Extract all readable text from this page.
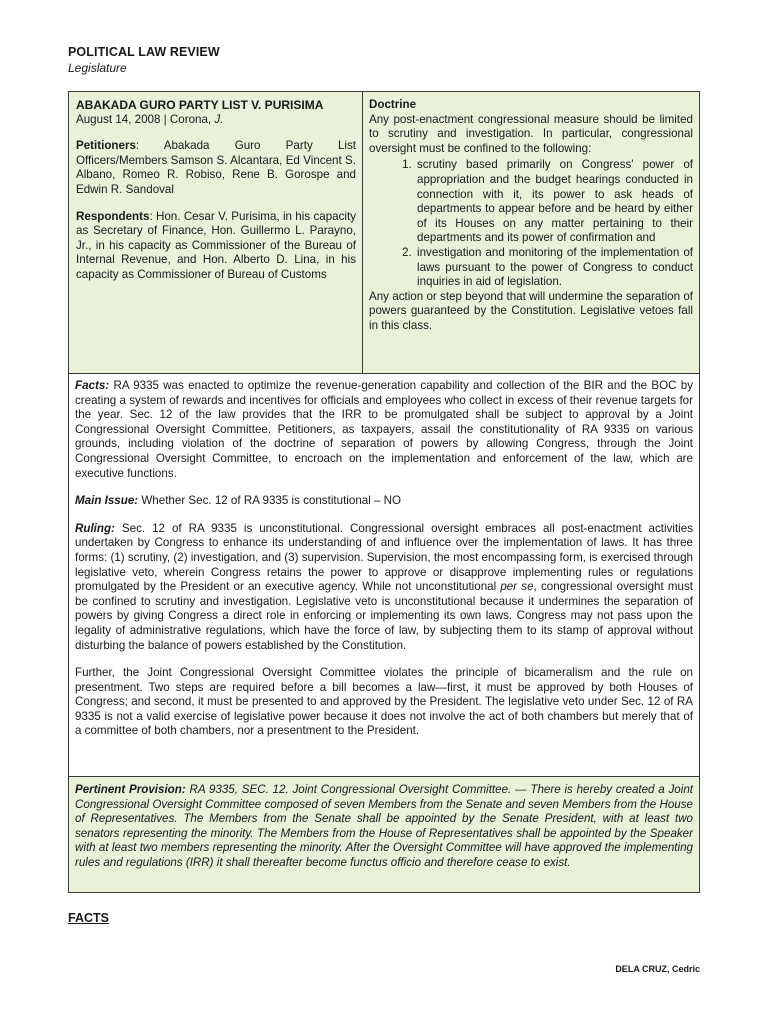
POLITICAL LAW REVIEW
Legislature
ABAKADA GURO PARTY LIST V. PURISIMA
August 14, 2008 | Corona, J.
Petitioners: Abakada Guro Party List Officers/Members Samson S. Alcantara, Ed Vincent S. Albano, Romeo R. Robiso, Rene B. Gorospe and Edwin R. Sandoval
Respondents: Hon. Cesar V. Purisima, in his capacity as Secretary of Finance, Hon. Guillermo L. Parayno, Jr., in his capacity as Commissioner of the Bureau of Internal Revenue, and Hon. Alberto D. Lina, in his capacity as Commissioner of Bureau of Customs
Doctrine
Any post-enactment congressional measure should be limited to scrutiny and investigation. In particular, congressional oversight must be confined to the following:
1. scrutiny based primarily on Congress' power of appropriation and the budget hearings conducted in connection with it, its power to ask heads of departments to appear before and be heard by either of its Houses on any matter pertaining to their departments and its power of confirmation and
2. investigation and monitoring of the implementation of laws pursuant to the power of Congress to conduct inquiries in aid of legislation.
Any action or step beyond that will undermine the separation of powers guaranteed by the Constitution. Legislative vetoes fall in this class.

Facts: RA 9335 was enacted to optimize the revenue-generation capability and collection of the BIR and the BOC by creating a system of rewards and incentives for officials and employees who collect in excess of their revenue targets for the year. Sec. 12 of the law provides that the IRR to be promulgated shall be subject to approval by a Joint Congressional Oversight Committee. Petitioners, as taxpayers, assail the constitutionality of RA 9335 on various grounds, including violation of the doctrine of separation of powers by allowing Congress, through the Joint Congressional Oversight Committee, to encroach on the implementation and enforcement of the law, which are executive functions.

Main Issue: Whether Sec. 12 of RA 9335 is constitutional – NO

Ruling: Sec. 12 of RA 9335 is unconstitutional. Congressional oversight embraces all post-enactment activities undertaken by Congress to enhance its understanding of and influence over the implementation of laws. It has three forms: (1) scrutiny, (2) investigation, and (3) supervision. Supervision, the most encompassing form, is exercised through legislative veto, wherein Congress retains the power to approve or disapprove implementing rules or regulations promulgated by the President or an executive agency. While not unconstitutional per se, congressional oversight must be confined to scrutiny and investigation. Legislative veto is unconstitutional because it undermines the separation of powers by giving Congress a direct role in enforcing or implementing its own laws. Congress may not pass upon the legality of administrative regulations, which have the force of law, by subjecting them to its stamp of approval without disturbing the balance of powers established by the Constitution.

Further, the Joint Congressional Oversight Committee violates the principle of bicameralism and the rule on presentment. Two steps are required before a bill becomes a law—first, it must be approved by both Houses of Congress; and second, it must be presented to and approved by the President. The legislative veto under Sec. 12 of RA 9335 is not a valid exercise of legislative power because it does not involve the act of both chambers but merely that of a committee of both chambers, nor a presentment to the President.

Pertinent Provision: RA 9335, SEC. 12. Joint Congressional Oversight Committee. — There is hereby created a Joint Congressional Oversight Committee composed of seven Members from the Senate and seven Members from the House of Representatives. The Members from the Senate shall be appointed by the Senate President, with at least two senators representing the minority. The Members from the House of Representatives shall be appointed by the Speaker with at least two members representing the minority. After the Oversight Committee will have approved the implementing rules and regulations (IRR) it shall thereafter become functus officio and therefore cease to exist.
FACTS
DELA CRUZ, Cedric
